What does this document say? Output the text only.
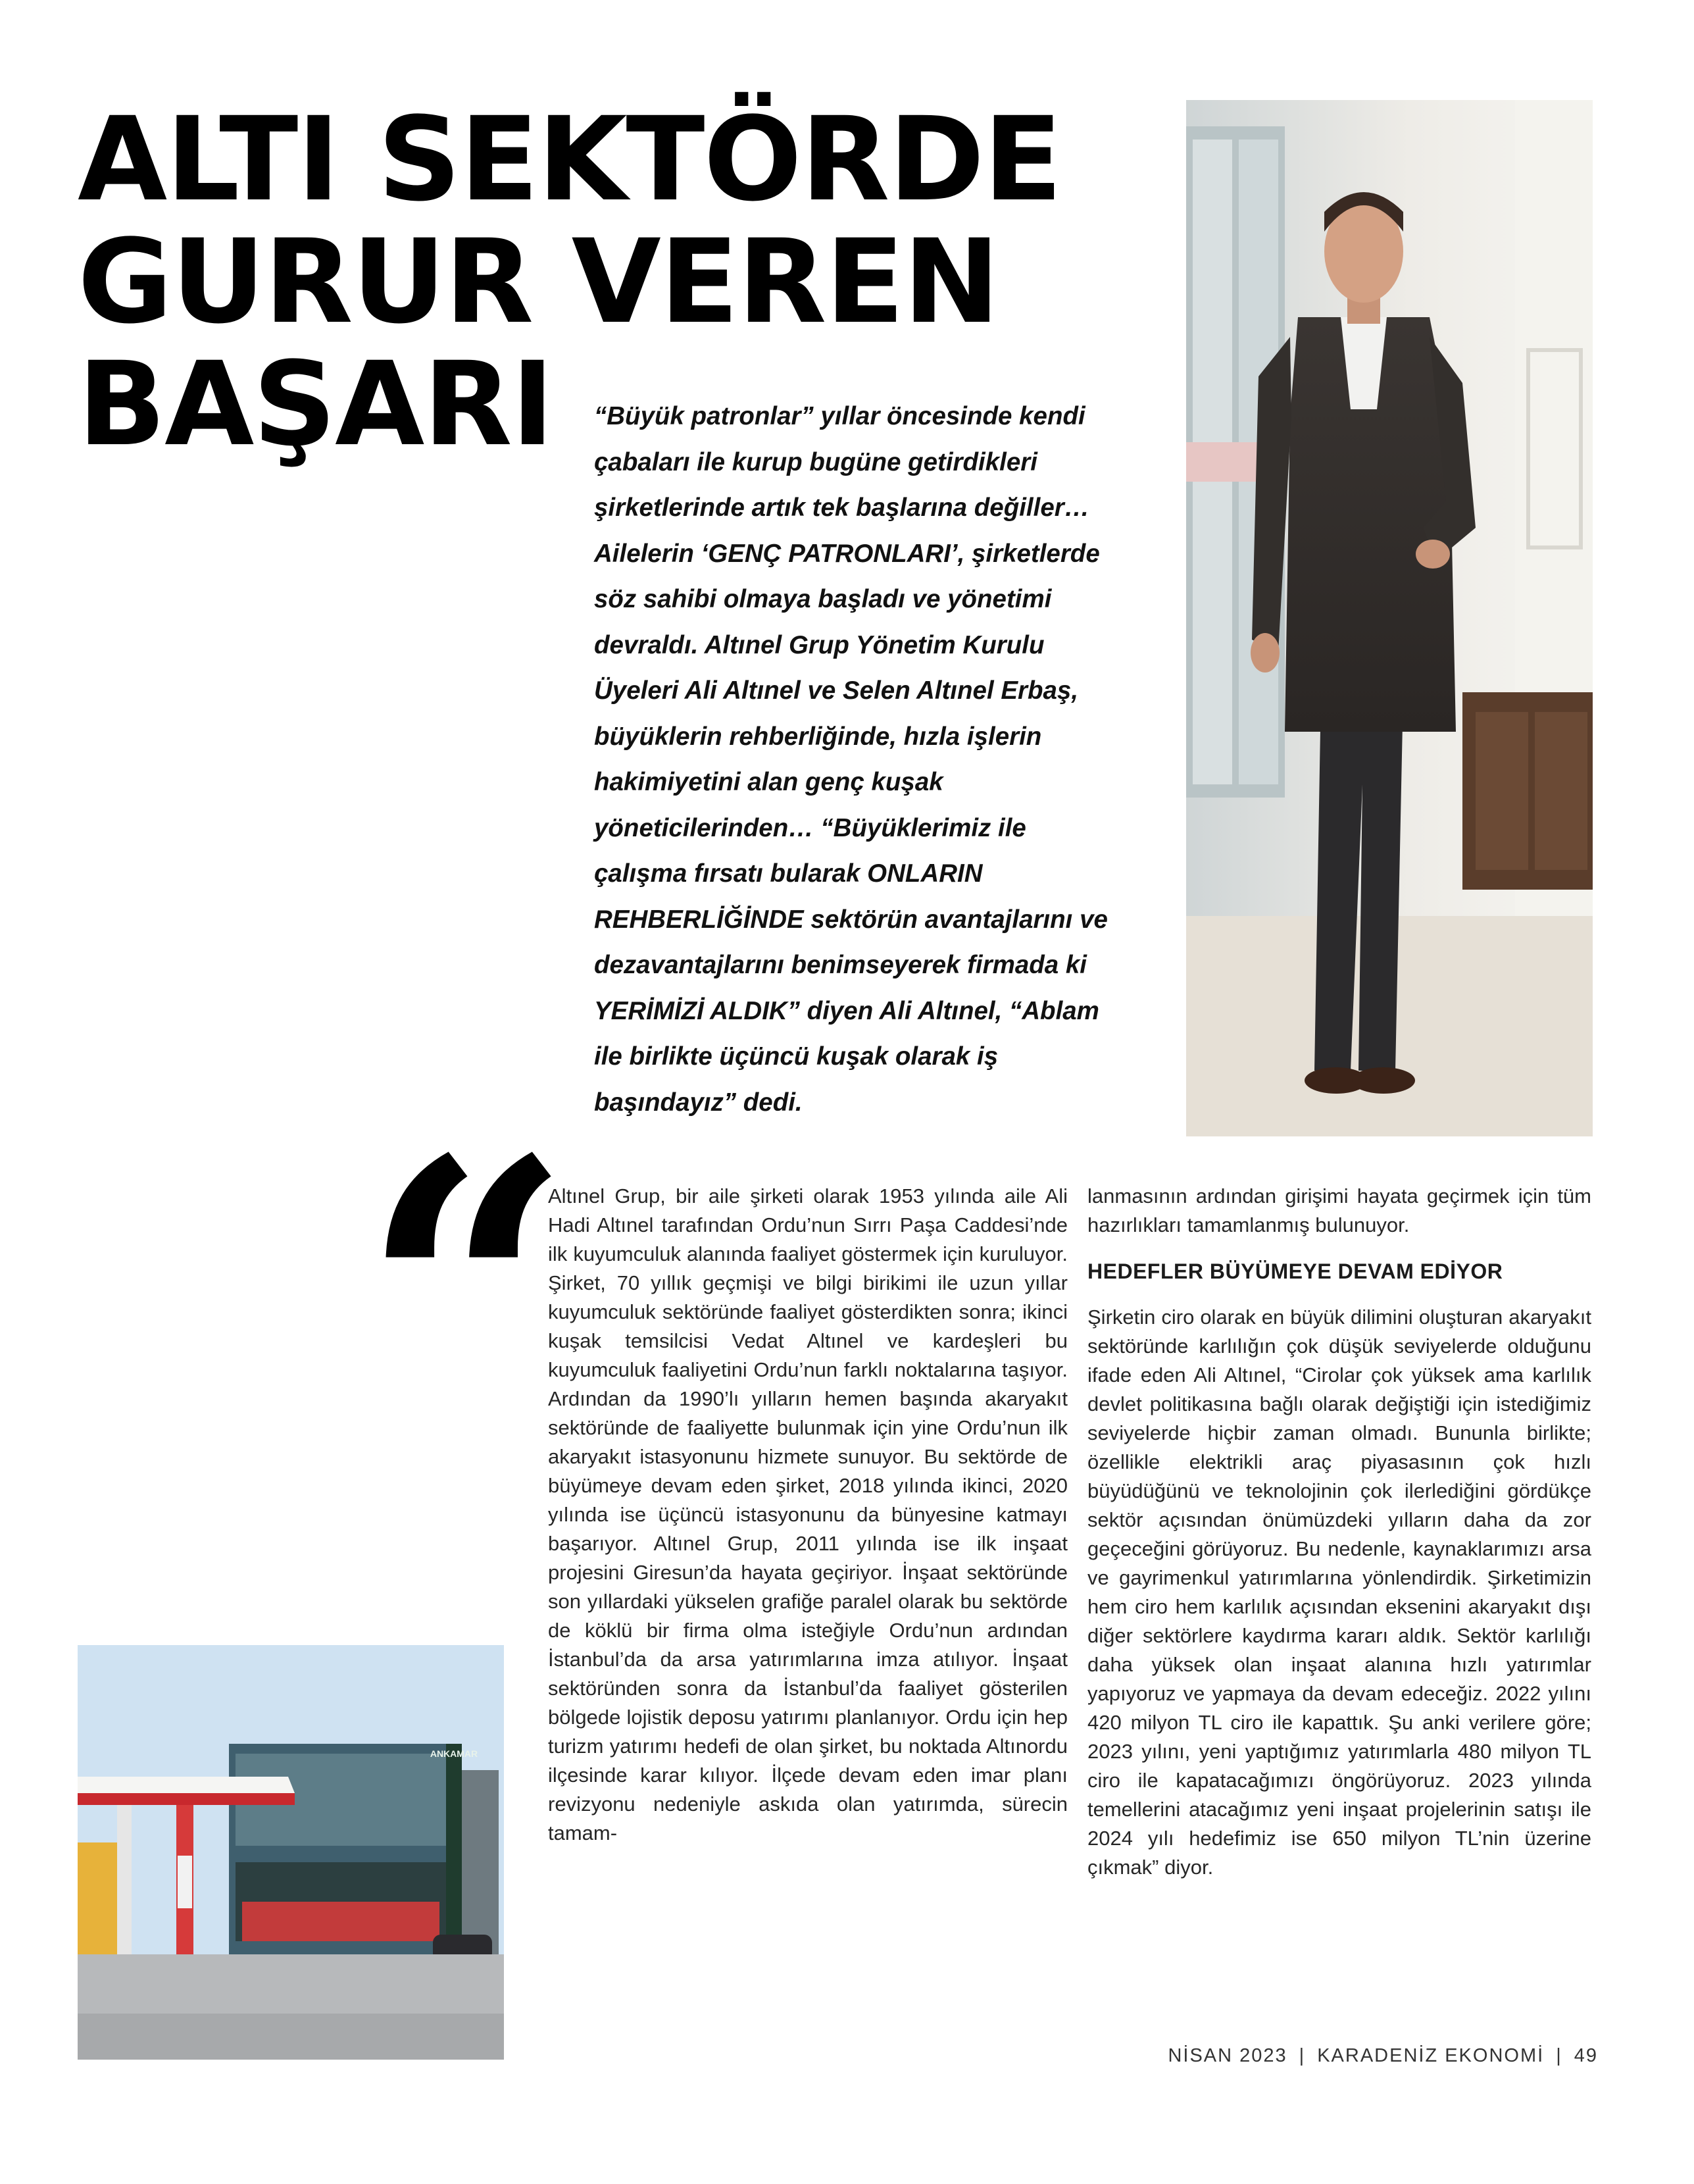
ALTI SEKTÖRDE
GURUR VEREN
BAŞARI	“Büyük patronlar” yıllar öncesinde kendi çabaları ile kurup bugüne getirdikleri şirketlerinde artık tek başlarına değiller… Ailelerin ‘GENÇ PATRONLARI’, şirketlerde söz sahibi olmaya başladı ve yönetimi devraldı. Altınel Grup Yönetim Kurulu Üyeleri Ali Altınel ve Selen Altınel Erbaş, büyüklerin rehberliğinde, hızla işlerin hakimiyetini alan genç kuşak yöneticilerinden… “Büyüklerimiz ile çalışma fırsatı bularak ONLARIN REHBERLİĞİNDE sektörün avantajlarını ve dezavantajlarını benimseyerek firmada ki YERİMİZİ ALDIK” diyen Ali Altınel, “Ablam ile birlikte üçüncü kuşak olarak iş başındayız” dedi.

“

Altınel Grup, bir aile şirketi olarak 1953 yılında aile Ali Hadi Altınel tarafından Ordu’nun Sırrı Paşa Caddesi’nde ilk kuyumculuk alanında faaliyet göstermek için kuruluyor. Şirket, 70 yıllık geçmişi ve bilgi birikimi ile uzun yıllar kuyumculuk sektöründe faaliyet gösterdikten sonra; ikinci kuşak temsilcisi Vedat Altınel ve kardeşleri bu kuyumculuk faaliyetini Ordu’nun farklı noktalarına taşıyor. Ardından da 1990’lı yılların hemen başında akaryakıt sektöründe de faaliyette bulunmak için yine Ordu’nun ilk akaryakıt istasyonunu hizmete sunuyor. Bu sektörde de büyümeye devam eden şirket, 2018 yılında ikinci, 2020 yılında ise üçüncü istasyonunu da bünyesine katmayı başarıyor. Altınel Grup, 2011 yılında ise ilk inşaat projesini Giresun’da hayata geçiriyor. İnşaat sektöründe son yıllardaki yükselen grafiğe paralel olarak bu sektörde de köklü bir firma olma isteğiyle Ordu’nun ardından İstanbul’da da arsa yatırımlarına imza atılıyor. İnşaat sektöründen sonra da İstanbul’da faaliyet gösterilen bölgede lojistik deposu yatırımı planlanıyor. Ordu için hep turizm yatırımı hedefi de olan şirket, bu noktada Altınordu ilçesinde karar kılıyor. İlçede devam eden imar planı revizyonu nedeniyle askıda olan yatırımda, sürecin tamam-

lanmasının ardından girişimi hayata geçirmek için tüm hazırlıkları tamamlanmış bulunuyor.

HEDEFLER BÜYÜMEYE DEVAM EDİYOR

Şirketin ciro olarak en büyük dilimini oluşturan akaryakıt sektöründe karlılığın çok düşük seviyelerde olduğunu ifade eden Ali Altınel, “Cirolar çok yüksek ama karlılık devlet politikasına bağlı olarak değiştiği için istediğimiz seviyelerde hiçbir zaman olmadı. Bununla birlikte; özellikle elektrikli araç piyasasının çok hızlı büyüdüğünü ve teknolojinin çok ilerlediğini gördükçe sektör açısından önümüzdeki yılların daha da zor geçeceğini görüyoruz. Bu nedenle, kaynaklarımızı arsa ve gayrimenkul yatırımlarına yönlendirdik. Şirketimizin hem ciro hem karlılık açısından eksenini akaryakıt dışı diğer sektörlere kaydırma kararı aldık. Sektör karlılığı daha yüksek olan inşaat alanına hızlı yatırımlar yapıyoruz ve yapmaya da devam edeceğiz. 2022 yılını 420 milyon TL ciro ile kapattık. Şu anki verilere göre; 2023 yılını, yeni yaptığımız yatırımlarla 480 milyon TL ciro ile kapatacağımızı öngörüyoruz. 2023 yılında temellerini atacağımız yeni inşaat projelerinin satışı ile 2024 yılı hedefimiz ise 650 milyon TL’nin üzerine çıkmak” diyor.

ANKAMAR

NİSAN 2023 | KARADENİZ EKONOMİ | 49
